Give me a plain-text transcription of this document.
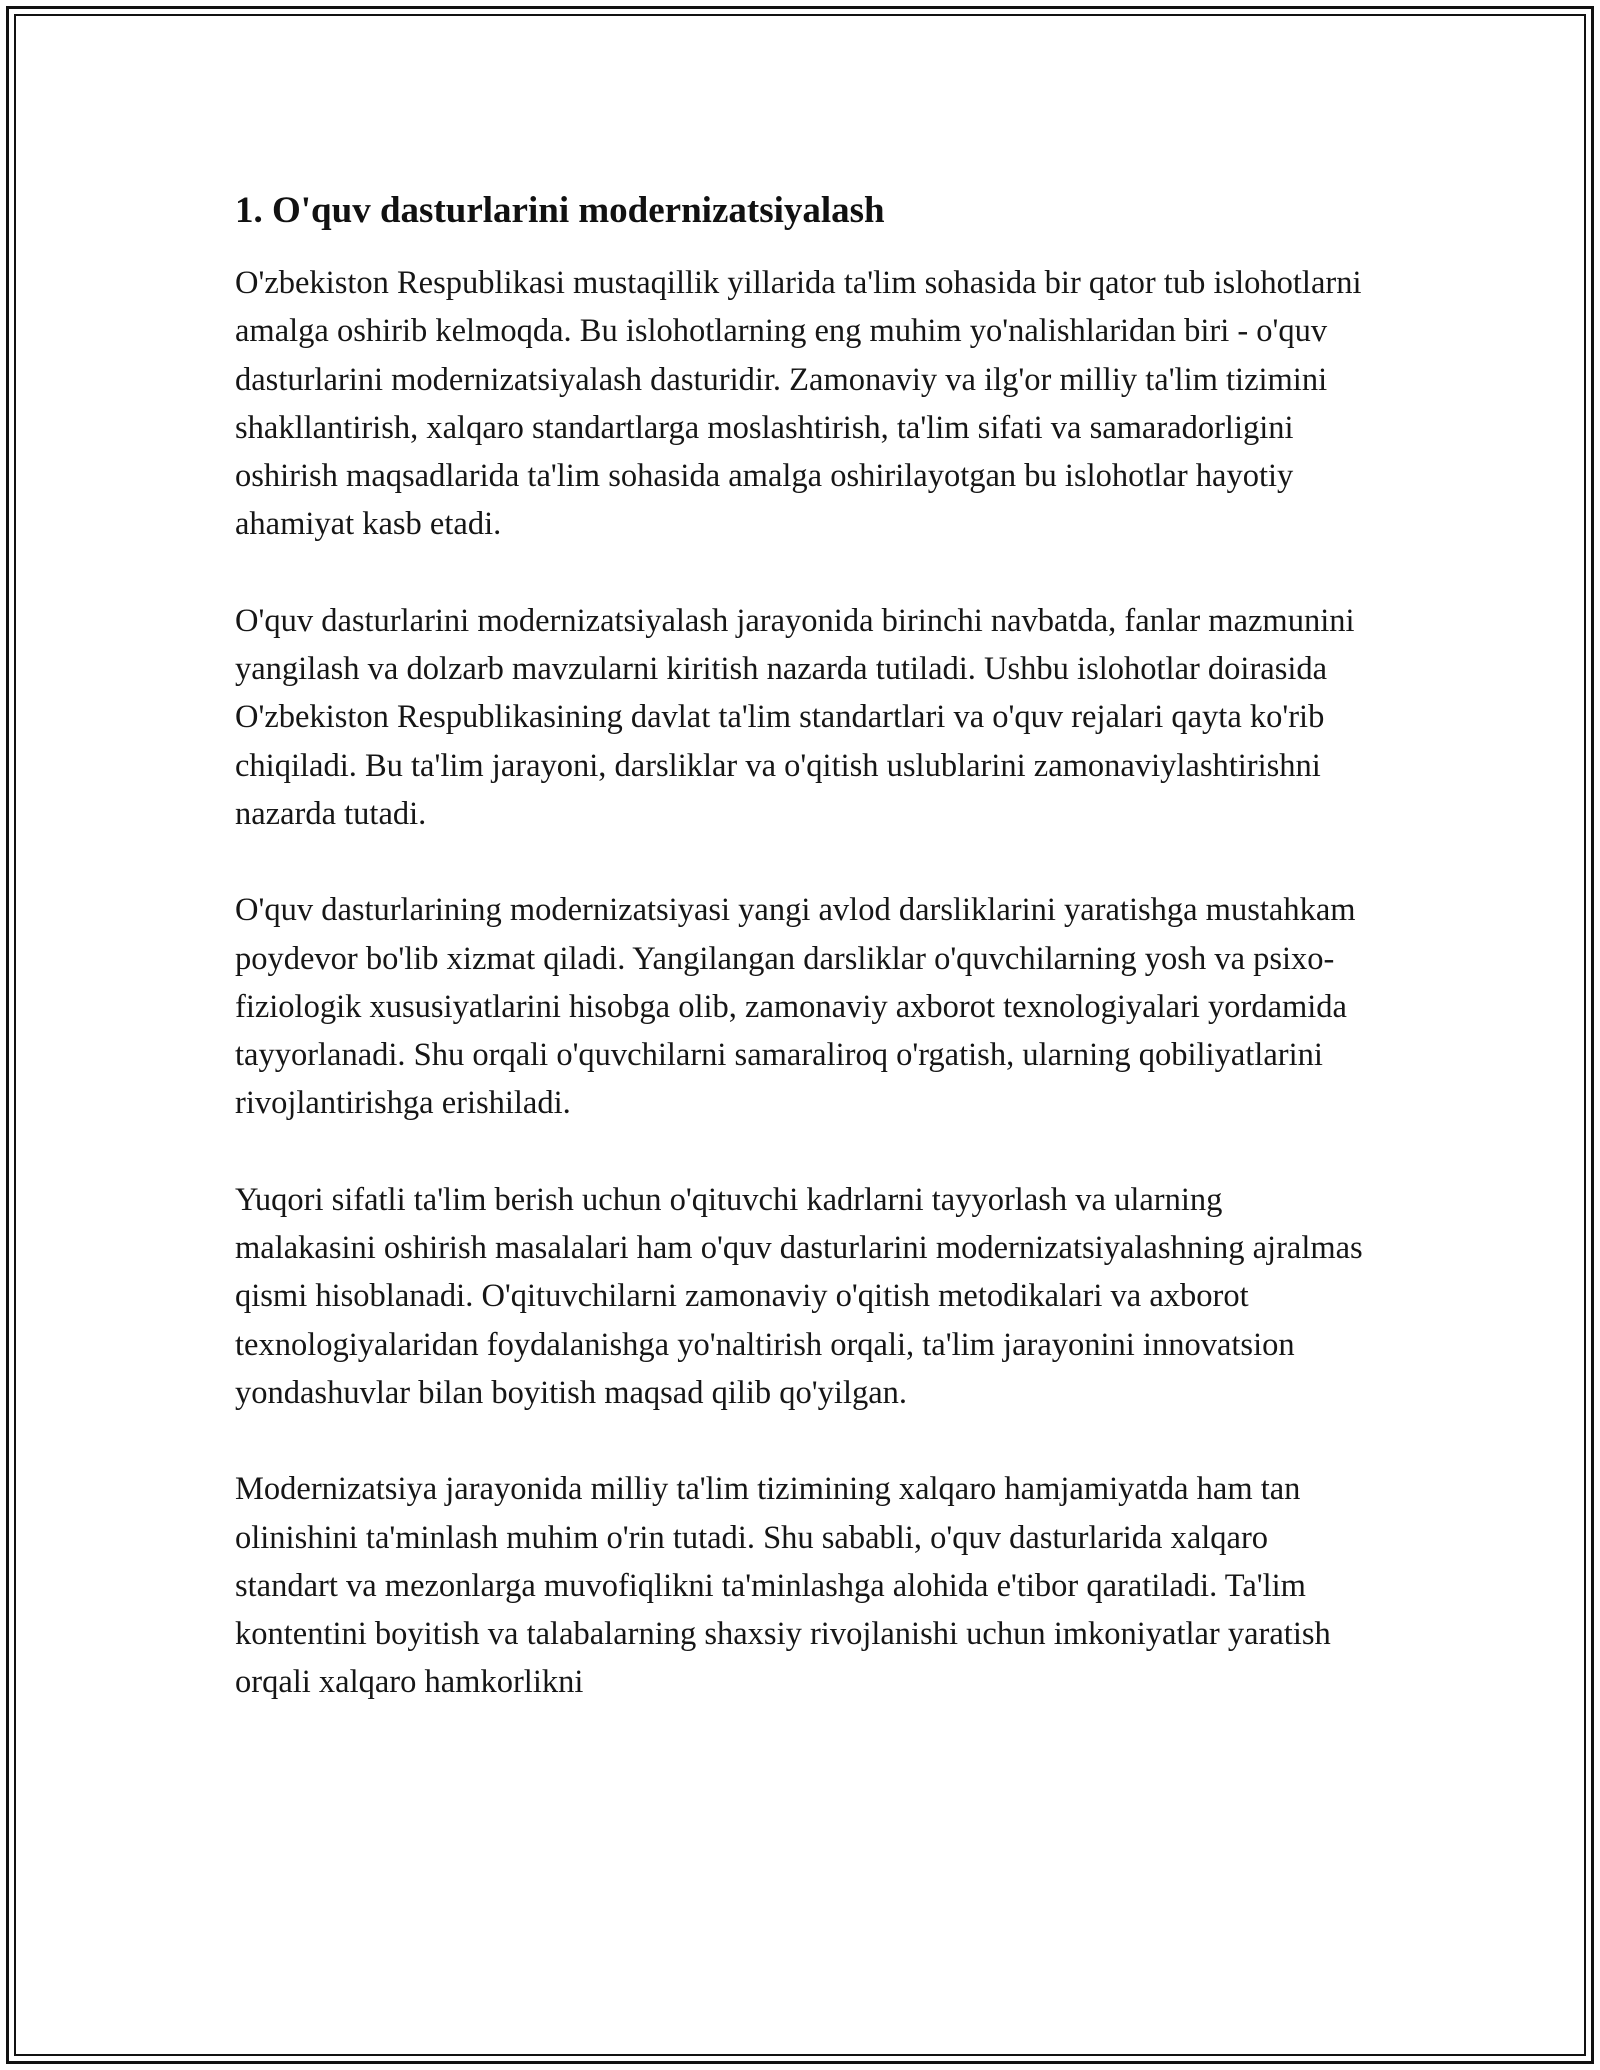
1. O'quv dasturlarini modernizatsiyalash

O'zbekiston Respublikasi mustaqillik yillarida ta'lim sohasida bir qator tub islohotlarni amalga oshirib kelmoqda. Bu islohotlarning eng muhim yo'nalishlaridan biri - o'quv dasturlarini modernizatsiyalash dasturidir. Zamonaviy va ilg'or milliy ta'lim tizimini shakllantirish, xalqaro standartlarga moslashtirish, ta'lim sifati va samaradorligini oshirish maqsadlarida ta'lim sohasida amalga oshirilayotgan bu islohotlar hayotiy ahamiyat kasb etadi.

O'quv dasturlarini modernizatsiyalash jarayonida birinchi navbatda, fanlar mazmunini yangilash va dolzarb mavzularni kiritish nazarda tutiladi. Ushbu islohotlar doirasida O'zbekiston Respublikasining davlat ta'lim standartlari va o'quv rejalari qayta ko'rib chiqiladi. Bu ta'lim jarayoni, darsliklar va o'qitish uslublarini zamonaviylashtirishni nazarda tutadi.

O'quv dasturlarining modernizatsiyasi yangi avlod darsliklarini yaratishga mustahkam poydevor bo'lib xizmat qiladi. Yangilangan darsliklar o'quvchilarning yosh va psixo-fiziologik xususiyatlarini hisobga olib, zamonaviy axborot texnologiyalari yordamida tayyorlanadi. Shu orqali o'quvchilarni samaraliroq o'rgatish, ularning qobiliyatlarini rivojlantirishga erishiladi.

Yuqori sifatli ta'lim berish uchun o'qituvchi kadrlarni tayyorlash va ularning malakasini oshirish masalalari ham o'quv dasturlarini modernizatsiyalashning ajralmas qismi hisoblanadi. O'qituvchilarni zamonaviy o'qitish metodikalari va axborot texnologiyalaridan foydalanishga yo'naltirish orqali, ta'lim jarayonini innovatsion yondashuvlar bilan boyitish maqsad qilib qo'yilgan.

Modernizatsiya jarayonida milliy ta'lim tizimining xalqaro hamjamiyatda ham tan olinishini ta'minlash muhim o'rin tutadi. Shu sababli, o'quv dasturlarida xalqaro standart va mezonlarga muvofiqlikni ta'minlashga alohida e'tibor qaratiladi. Ta'lim kontentini boyitish va talabalarning shaxsiy rivojlanishi uchun imkoniyatlar yaratish orqali xalqaro hamkorlikni
